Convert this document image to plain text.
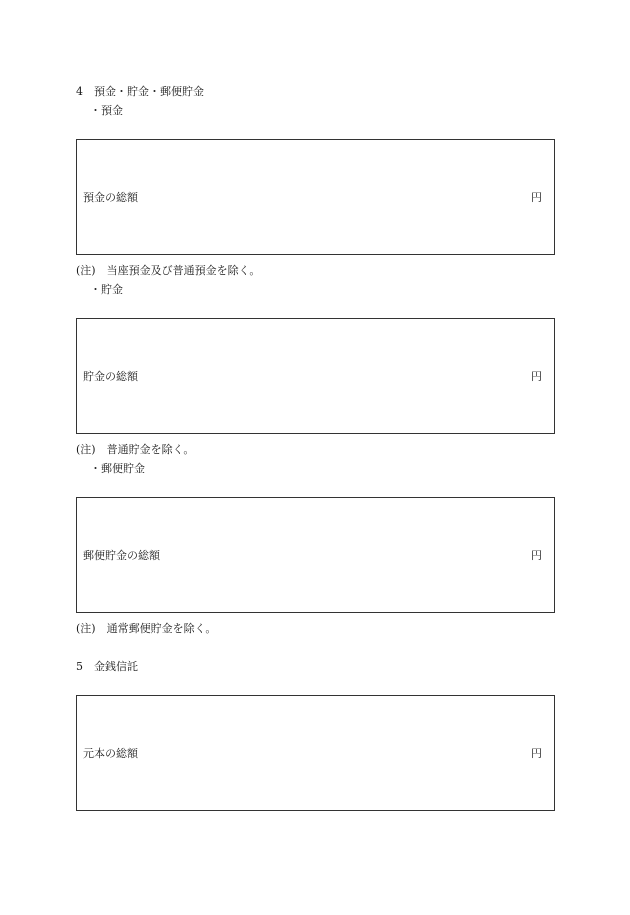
4　預金・貯金・郵便貯金
・預金
預金の総額	円
(注)　当座預金及び普通預金を除く。
・貯金
貯金の総額	円
(注)　普通貯金を除く。
・郵便貯金
郵便貯金の総額	円
(注)　通常郵便貯金を除く。
5　金銭信託
元本の総額	円
